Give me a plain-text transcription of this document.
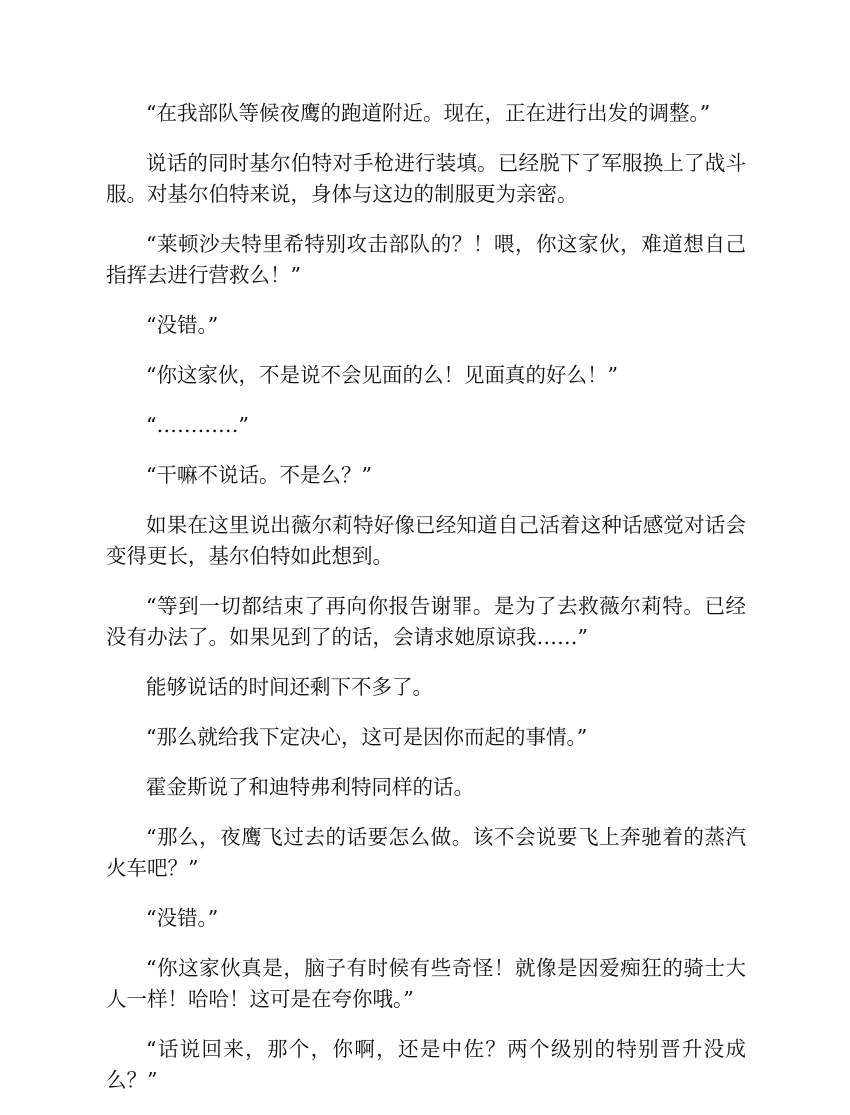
“在我部队等候夜鹰的跑道附近。现在，正在进行出发的调整。”

说话的同时基尔伯特对手枪进行装填。已经脱下了军服换上了战斗服。对基尔伯特来说，身体与这边的制服更为亲密。

“莱顿沙夫特里希特别攻击部队的？！喂，你这家伙，难道想自己指挥去进行营救么！”

“没错。”

“你这家伙，不是说不会见面的么！见面真的好么！”

“…………”

“干嘛不说话。不是么？”

如果在这里说出薇尔莉特好像已经知道自己活着这种话感觉对话会变得更长，基尔伯特如此想到。

“等到一切都结束了再向你报告谢罪。是为了去救薇尔莉特。已经没有办法了。如果见到了的话，会请求她原谅我……”

能够说话的时间还剩下不多了。

“那么就给我下定决心，这可是因你而起的事情。”

霍金斯说了和迪特弗利特同样的话。

“那么，夜鹰飞过去的话要怎么做。该不会说要飞上奔驰着的蒸汽火车吧？”

“没错。”

“你这家伙真是，脑子有时候有些奇怪！就像是因爱痴狂的骑士大人一样！哈哈！这可是在夸你哦。”

“话说回来，那个，你啊，还是中佐？两个级别的特别晋升没成么？”
